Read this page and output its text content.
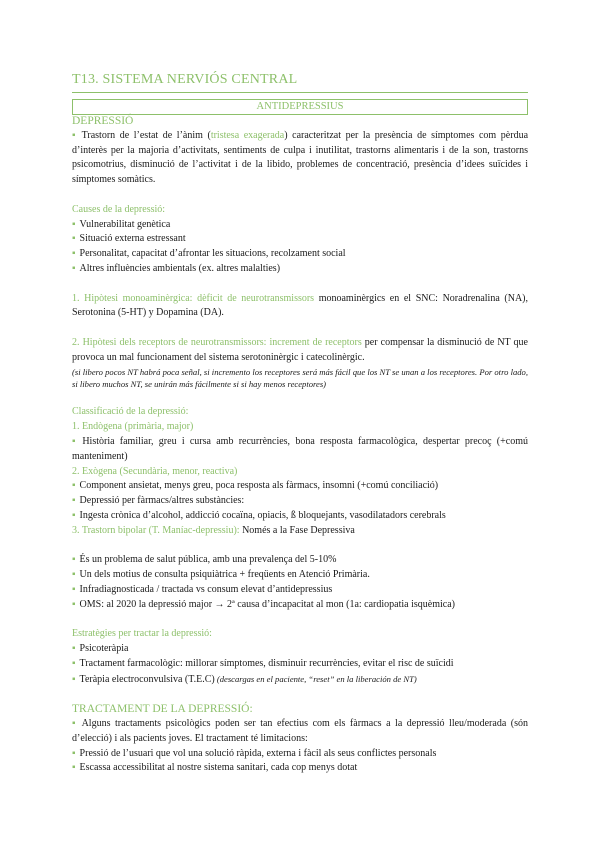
T13. SISTEMA NERVIÓS CENTRAL
ANTIDEPRESSIUS

DEPRESSIÓ

▪ Trastorn de l’estat de l’ànim (tristesa exagerada) caracteritzat per la presència de símptomes com pèrdua d’interès per la majoria d’activitats, sentiments de culpa i inutilitat, trastorns alimentaris i de la son, trastorns psicomotrius, disminució de l’activitat i de la libido, problemes de concentració, presència d’idees suïcides i símptomes somàtics.

Causes de la depressió:

▪ Vulnerabilitat genètica

▪ Situació externa estressant

▪ Personalitat, capacitat d’afrontar les situacions, recolzament social

▪ Altres influències ambientals (ex. altres malalties)

1. Hipòtesi monoaminèrgica: dèficit de neurotransmissors monoaminèrgics en el SNC: Noradrenalina (NA), Serotonina (5-HT) y Dopamina (DA).

2. Hipòtesi dels receptors de neurotransmissors: increment de receptors per compensar la disminució de NT que provoca un mal funcionament del sistema serotoninèrgic i catecolinèrgic.

(si libero pocos NT habrá poca señal, si incremento los receptores será más fácil que los NT se unan a los receptores. Por otro lado, si libero muchos NT, se unirán más fácilmente si si hay menos receptores)

Classificació de la depressió:

1. Endògena (primària, major)

▪ Història familiar, greu i cursa amb recurrències, bona resposta farmacològica, despertar precoç (+comú manteniment)

2. Exògena (Secundària, menor, reactiva)

▪ Component ansietat, menys greu, poca resposta als fàrmacs, insomni (+comú conciliació)

▪ Depressió per fàrmacs/altres substàncies:

▪ Ingesta crònica d’alcohol, addicció cocaïna, opiacis, ß bloquejants, vasodilatadors cerebrals

3. Trastorn bipolar (T. Maníac-depressiu): Només a la Fase Depressiva

▪ És un problema de salut pública, amb una prevalença del 5-10%

▪ Un dels motius de consulta psiquiàtrica + freqüents en Atenció Primària.

▪ Infradiagnosticada / tractada vs consum elevat d’antidepressius

▪ OMS: al 2020 la depressió major → 2ª causa d’incapacitat al mon (1a: cardiopatia isquèmica)

Estratègies per tractar la depressió:

▪ Psicoteràpia

▪ Tractament farmacològic: millorar símptomes, disminuir recurrències, evitar el risc de suïcidi

▪ Teràpia electroconvulsiva (T.E.C) (descargas en el paciente, “reset” en la liberación de NT)

TRACTAMENT DE LA DEPRESSIÓ:

▪ Alguns tractaments psicològics poden ser tan efectius com els fàrmacs a la depressió lleu/moderada (són d’elecció) i als pacients joves. El tractament té limitacions:

▪ Pressió de l’usuari que vol una solució ràpida, externa i fàcil als seus conflictes personals

▪ Escassa accessibilitat al nostre sistema sanitari, cada cop menys dotat
